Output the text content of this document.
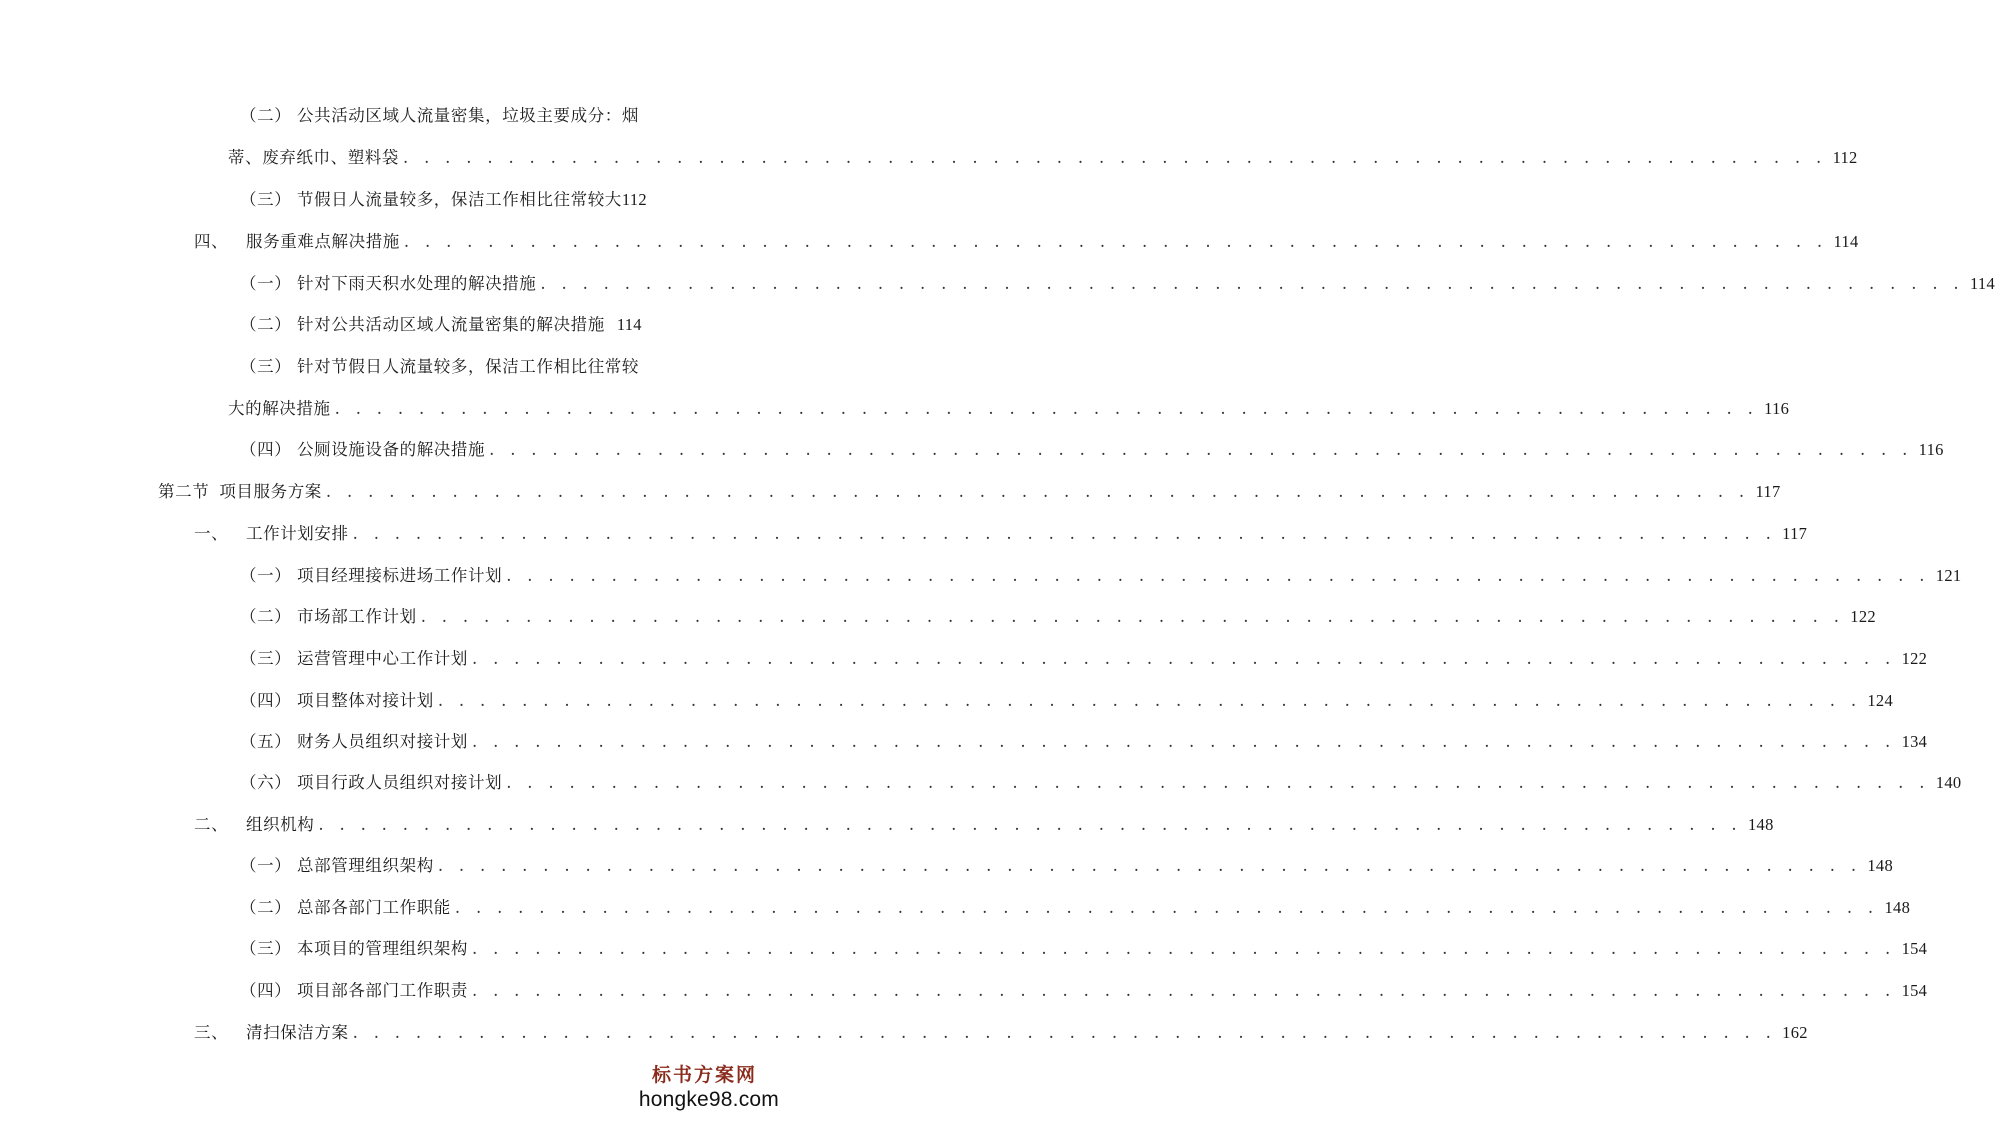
（二） 公共活动区域人流量密集，垃圾主要成分：烟
蒂、废弃纸巾、塑料袋 . . . . . . . . . . . . . . . . . . . . . . . . . . . . . . . . . . . . . . . . . . . . . . . . . . . . . . . . . . . . . . . . . . . . 112
（三） 节假日人流量较多，保洁工作相比往常较大 112
四、	服务重难点解决措施 . . . . . . . . . . . . . . . . . . . . . . . . . . . . . . . . . . . . . . . . . . . . . . . . . . . . . . . . . . . . . . . . . . . . 114
（一） 针对下雨天积水处理的解决措施 . . . . . . . . . . . . . . . . . . . . . . . . . . . . . . . . . . . . . . . . . . . . . . . . . . . . . . . . . . . . . . . . . . . . 114
（二） 针对公共活动区域人流量密集的解决措施 114
（三） 针对节假日人流量较多，保洁工作相比往常较
大的解决措施 . . . . . . . . . . . . . . . . . . . . . . . . . . . . . . . . . . . . . . . . . . . . . . . . . . . . . . . . . . . . . . . . . . . . 116
（四） 公厕设施设备的解决措施 . . . . . . . . . . . . . . . . . . . . . . . . . . . . . . . . . . . . . . . . . . . . . . . . . . . . . . . . . . . . . . . . . . . . 116
第二节 项目服务方案 . . . . . . . . . . . . . . . . . . . . . . . . . . . . . . . . . . . . . . . . . . . . . . . . . . . . . . . . . . . . . . . . . . . . 117
一、	工作计划安排 . . . . . . . . . . . . . . . . . . . . . . . . . . . . . . . . . . . . . . . . . . . . . . . . . . . . . . . . . . . . . . . . . . . . 117
（一） 项目经理接标进场工作计划 . . . . . . . . . . . . . . . . . . . . . . . . . . . . . . . . . . . . . . . . . . . . . . . . . . . . . . . . . . . . . . . . . . . . 121
（二） 市场部工作计划 . . . . . . . . . . . . . . . . . . . . . . . . . . . . . . . . . . . . . . . . . . . . . . . . . . . . . . . . . . . . . . . . . . . . 122
（三） 运营管理中心工作计划 . . . . . . . . . . . . . . . . . . . . . . . . . . . . . . . . . . . . . . . . . . . . . . . . . . . . . . . . . . . . . . . . . . . . 122
（四） 项目整体对接计划 . . . . . . . . . . . . . . . . . . . . . . . . . . . . . . . . . . . . . . . . . . . . . . . . . . . . . . . . . . . . . . . . . . . . 124
（五） 财务人员组织对接计划 . . . . . . . . . . . . . . . . . . . . . . . . . . . . . . . . . . . . . . . . . . . . . . . . . . . . . . . . . . . . . . . . . . . . 134
（六） 项目行政人员组织对接计划 . . . . . . . . . . . . . . . . . . . . . . . . . . . . . . . . . . . . . . . . . . . . . . . . . . . . . . . . . . . . . . . . . . . . 140
二、	组织机构 . . . . . . . . . . . . . . . . . . . . . . . . . . . . . . . . . . . . . . . . . . . . . . . . . . . . . . . . . . . . . . . . . . . . 148
（一） 总部管理组织架构 . . . . . . . . . . . . . . . . . . . . . . . . . . . . . . . . . . . . . . . . . . . . . . . . . . . . . . . . . . . . . . . . . . . . 148
（二） 总部各部门工作职能 . . . . . . . . . . . . . . . . . . . . . . . . . . . . . . . . . . . . . . . . . . . . . . . . . . . . . . . . . . . . . . . . . . . . 148
（三） 本项目的管理组织架构 . . . . . . . . . . . . . . . . . . . . . . . . . . . . . . . . . . . . . . . . . . . . . . . . . . . . . . . . . . . . . . . . . . . . 154
（四） 项目部各部门工作职责 . . . . . . . . . . . . . . . . . . . . . . . . . . . . . . . . . . . . . . . . . . . . . . . . . . . . . . . . . . . . . . . . . . . . 154
三、	清扫保洁方案 . . . . . . . . . . . . . . . . . . . . . . . . . . . . . . . . . . . . . . . . . . . . . . . . . . . . . . . . . . . . . . . . . . . . 162
标书方案网
hongke98.com
